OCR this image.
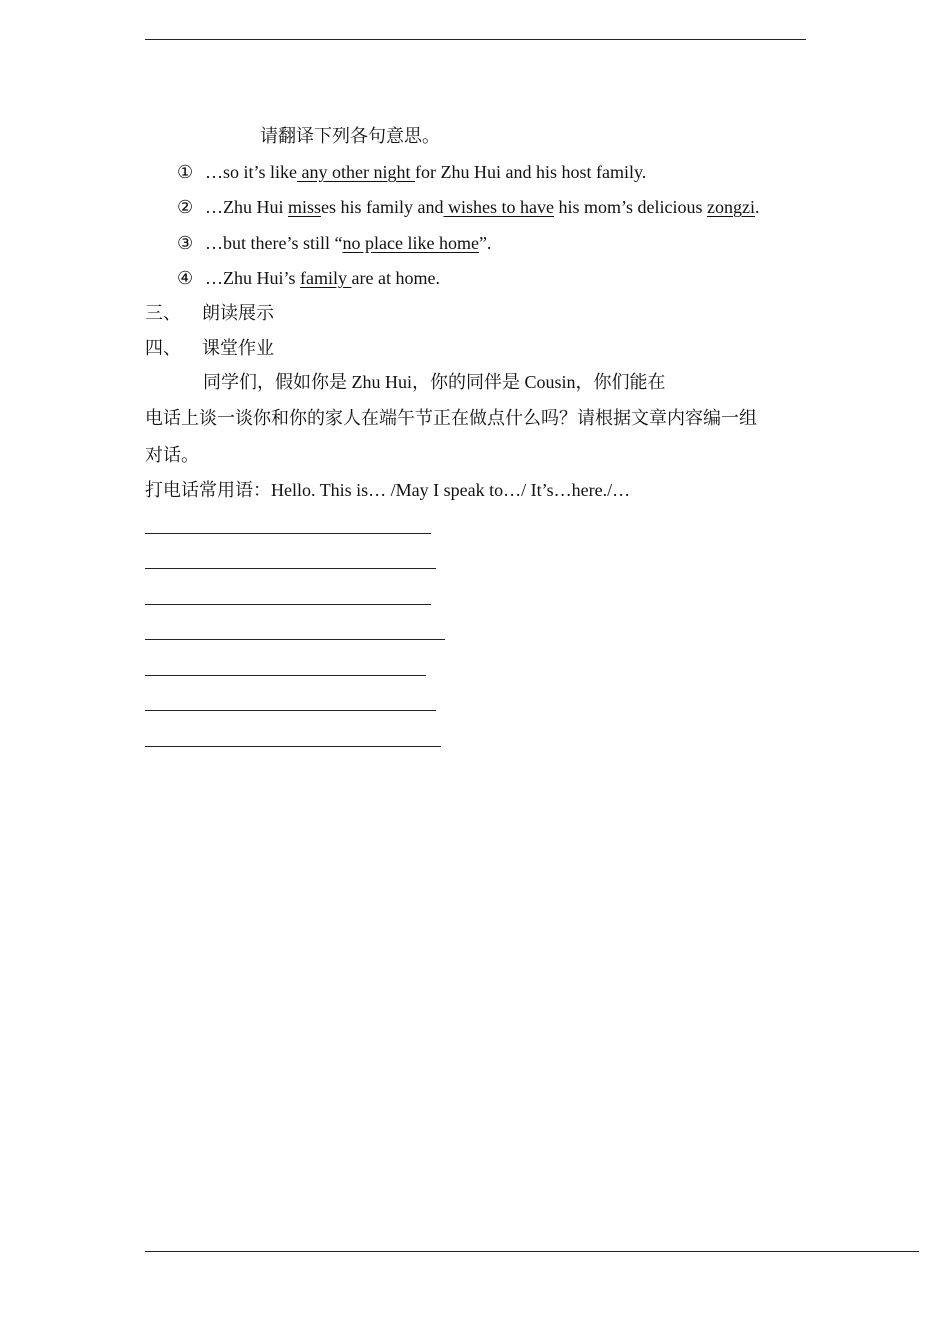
请翻译下列各句意思。
① …so it’s like any other night for Zhu Hui and his host family.
② …Zhu Hui misses his family and wishes to have his mom’s delicious zongzi.
③ …but there’s still “no place like home”.
④ …Zhu Hui’s family are at home.
三、 朗读展示
四、 课堂作业
同学们，假如你是 Zhu Hui，你的同伴是 Cousin，你们能在
电话上谈一谈你和你的家人在端午节正在做点什么吗？请根据文章内容编一组
对话。
打电话常用语：Hello. This is… /May I speak to…/ It’s…here./…
